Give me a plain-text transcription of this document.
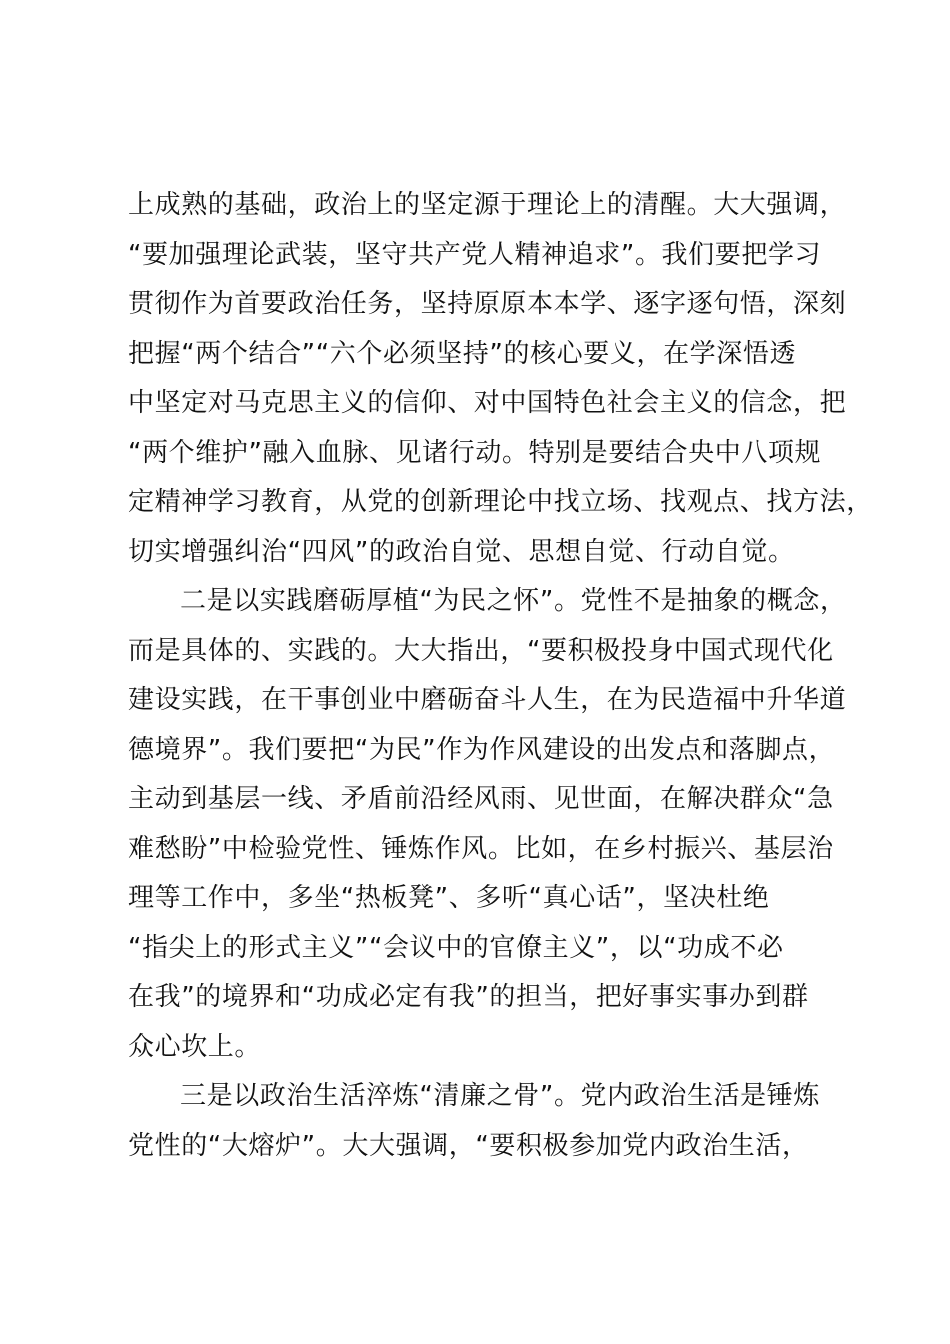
上成熟的基础，政治上的坚定源于理论上的清醒。大大强调，
“要加强理论武装，坚守共产党人精神追求”。我们要把学习
贯彻作为首要政治任务，坚持原原本本学、逐字逐句悟，深刻
把握“两个结合”“六个必须坚持”的核心要义，在学深悟透
中坚定对马克思主义的信仰、对中国特色社会主义的信念，把
“两个维护”融入血脉、见诸行动。特别是要结合央中八项规
定精神学习教育，从党的创新理论中找立场、找观点、找方法，
切实增强纠治“四风”的政治自觉、思想自觉、行动自觉。
二是以实践磨砺厚植“为民之怀”。党性不是抽象的概念，
而是具体的、实践的。大大指出，“要积极投身中国式现代化
建设实践，在干事创业中磨砺奋斗人生，在为民造福中升华道
德境界”。我们要把“为民”作为作风建设的出发点和落脚点，
主动到基层一线、矛盾前沿经风雨、见世面，在解决群众“急
难愁盼”中检验党性、锤炼作风。比如，在乡村振兴、基层治
理等工作中，多坐“热板凳”、多听“真心话”，坚决杜绝
“指尖上的形式主义”“会议中的官僚主义”，以“功成不必
在我”的境界和“功成必定有我”的担当，把好事实事办到群
众心坎上。
三是以政治生活淬炼“清廉之骨”。党内政治生活是锤炼
党性的“大熔炉”。大大强调，“要积极参加党内政治生活，
